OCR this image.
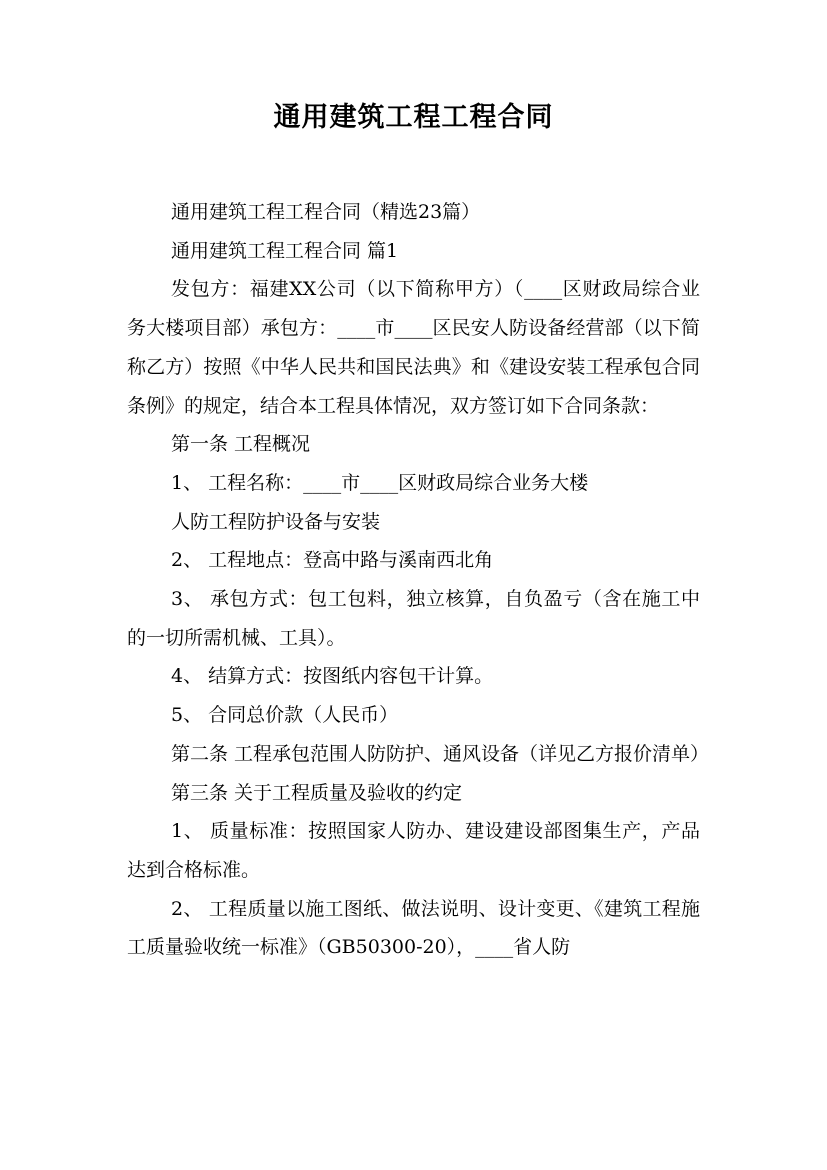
通用建筑工程工程合同

通用建筑工程工程合同（精选23篇）

通用建筑工程工程合同 篇1

发包方：福建XX公司（以下简称甲方）（____区财政局综合业务大楼项目部）承包方：____市____区民安人防设备经营部（以下简称乙方）按照《中华人民共和国民法典》和《建设安装工程承包合同条例》的规定，结合本工程具体情况，双方签订如下合同条款：

第一条 工程概况

1、 工程名称：____市____区财政局综合业务大楼

人防工程防护设备与安装

2、 工程地点：登高中路与溪南西北角

3、 承包方式：包工包料，独立核算，自负盈亏（含在施工中的一切所需机械、工具）。

4、 结算方式：按图纸内容包干计算。

5、 合同总价款（人民币）

第二条 工程承包范围人防防护、通风设备（详见乙方报价清单）

第三条 关于工程质量及验收的约定

1、 质量标准：按照国家人防办、建设建设部图集生产，产品达到合格标准。

2、 工程质量以施工图纸、做法说明、设计变更、《建筑工程施工质量验收统一标准》（GB50300-20），____省人防
